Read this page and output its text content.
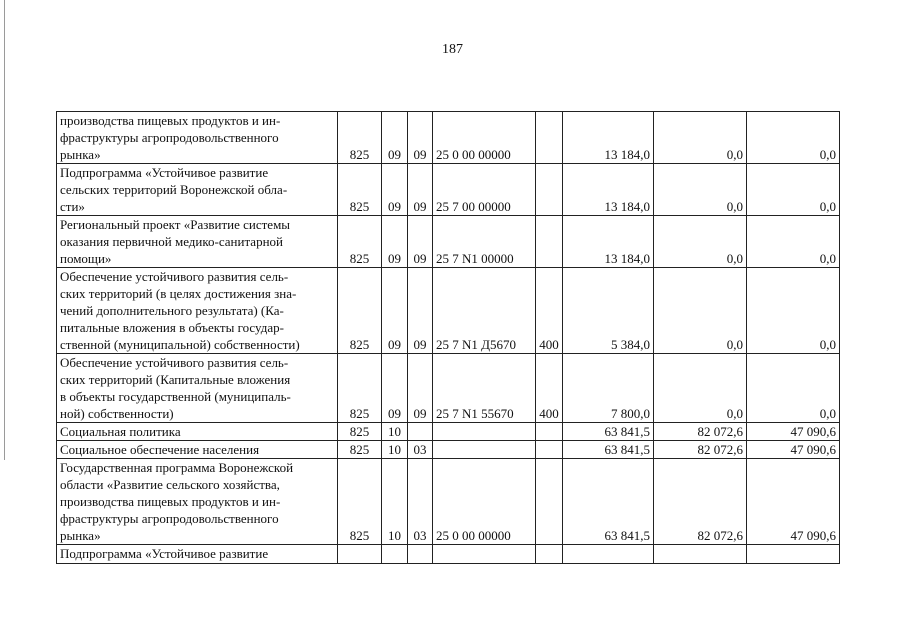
187
производства пищевых продуктов и ин-
фраструктуры агропродовольственного
рынка»	825	09	09	25 0 00 00000		13 184,0	0,0	0,0

Подпрограмма «Устойчивое развитие
сельских территорий Воронежской обла-
сти»	825	09	09	25 7 00 00000		13 184,0	0,0	0,0

Региональный проект «Развитие системы
оказания первичной медико-санитарной
помощи»	825	09	09	25 7 N1 00000		13 184,0	0,0	0,0

Обеспечение устойчивого развития сель-
ских территорий (в целях достижения зна-
чений дополнительного результата) (Ка-
питальные вложения в объекты государ-
ственной (муниципальной) собственности)	825	09	09	25 7 N1 Д5670	400	5 384,0	0,0	0,0

Обеспечение устойчивого развития сель-
ских территорий (Капитальные вложения
в объекты государственной (муниципаль-
ной) собственности)	825	09	09	25 7 N1 55670	400	7 800,0	0,0	0,0

Социальная политика	825	10				63 841,5	82 072,6	47 090,6

Социальное обеспечение населения	825	10	03			63 841,5	82 072,6	47 090,6

Государственная программа Воронежской
области «Развитие сельского хозяйства,
производства пищевых продуктов и ин-
фраструктуры агропродовольственного
рынка»	825	10	03	25 0 00 00000		63 841,5	82 072,6	47 090,6

Подпрограмма «Устойчивое развитие								
